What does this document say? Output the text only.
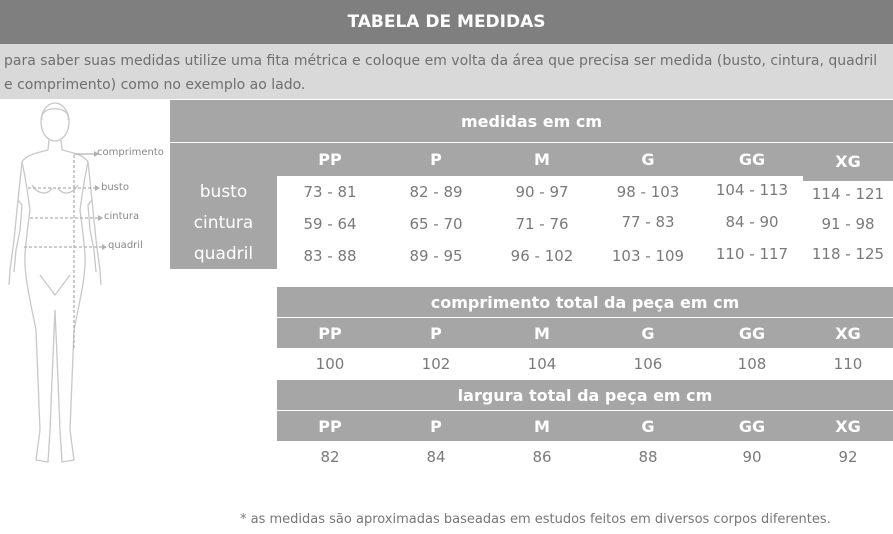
TABELA DE MEDIDAS
para saber suas medidas utilize uma fita métrica e coloque em volta da área que precisa ser medida (busto, cintura, quadril e comprimento) como no exemplo ao lado.
comprimento
busto
cintura
quadril
medidas em cm
PP	P	M	G	GG	XG
busto	73 - 81	82 - 89	90 - 97	98 - 103	104 - 113	114 - 121
cintura	59 - 64	65 - 70	71 - 76	77 - 83	84 - 90	91 - 98
quadril	83 - 88	89 - 95	96 - 102	103 - 109	110 - 117	118 - 125
comprimento total da peça em cm
PP	P	M	G	GG	XG
100	102	104	106	108	110
largura total da peça em cm
PP	P	M	G	GG	XG
82	84	86	88	90	92
* as medidas são aproximadas baseadas em estudos feitos em diversos corpos diferentes.
